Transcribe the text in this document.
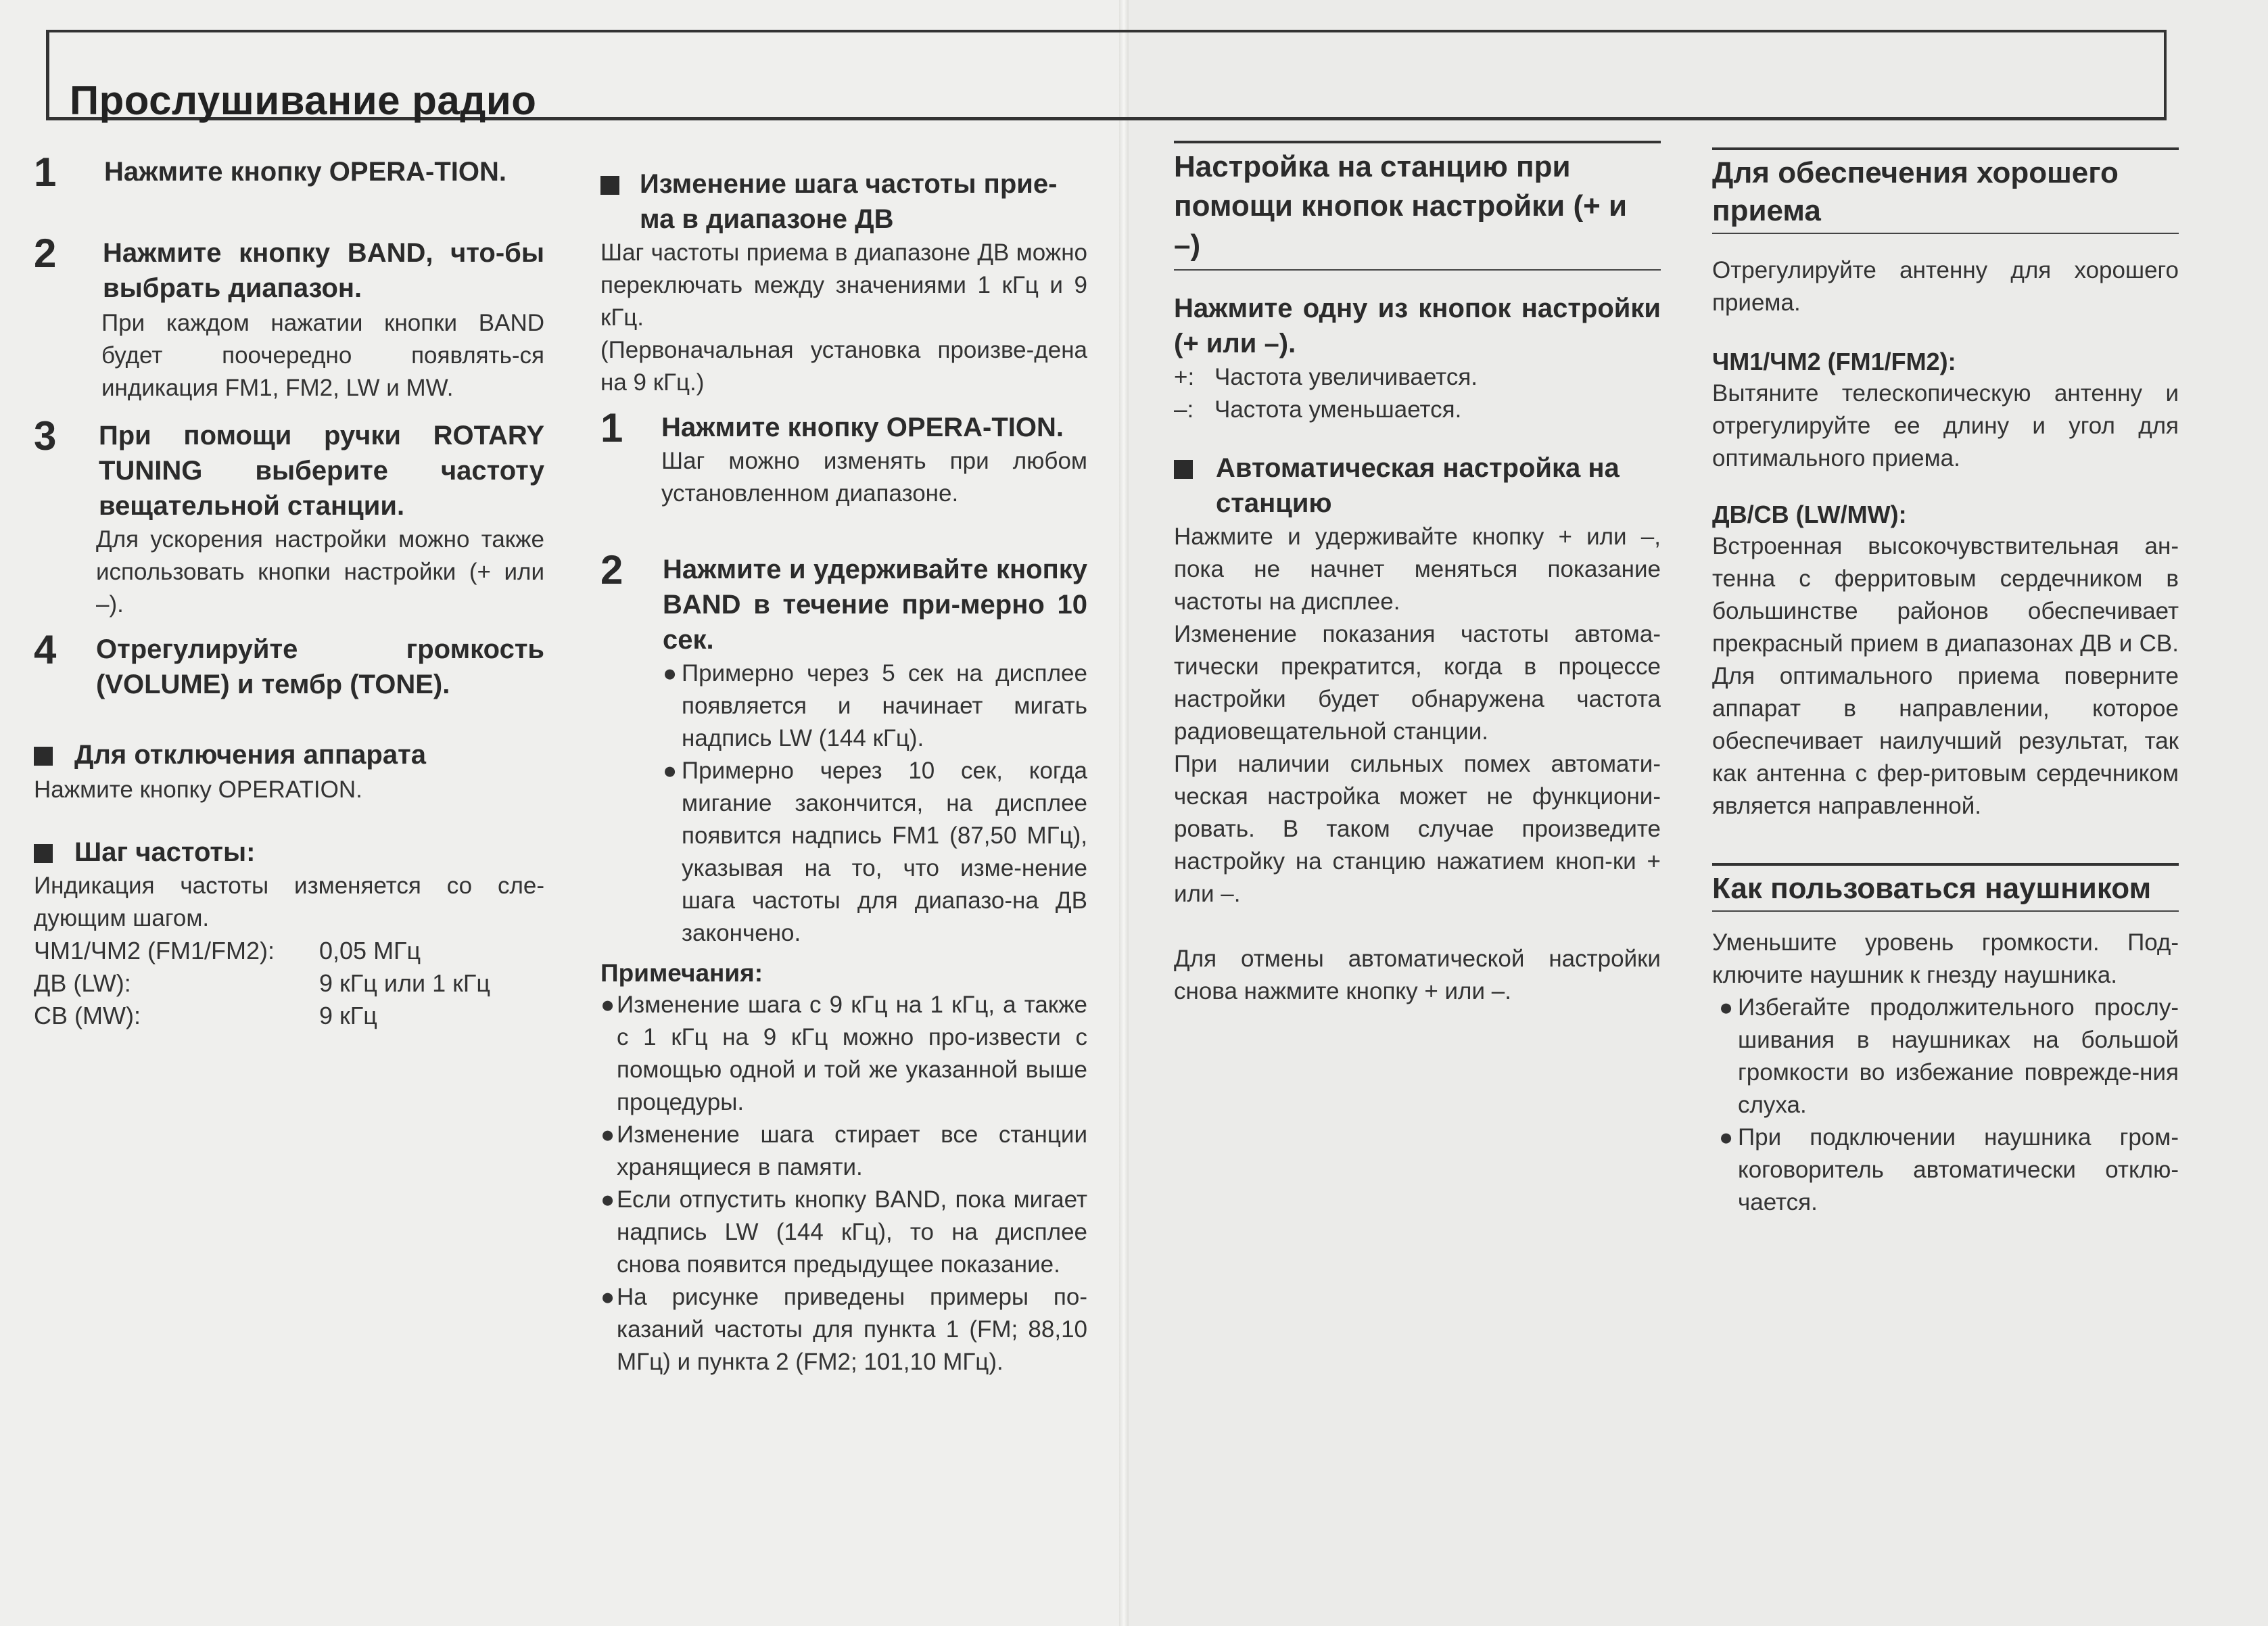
Прослушивание радио
1	Нажмите кнопку OPERA-TION.

2	Нажмите кнопку BAND, что-бы выбрать диапазон.

При каждом нажатии кнопки BAND будет поочередно появлять-ся индикация FM1, FM2, LW и MW.

3	При помощи ручки ROTARY TUNING выберите частоту вещательной станции.

Для ускорения настройки можно также использовать кнопки настройки (+ или –).

4	Отрегулируйте громкость (VOLUME) и тембр (TONE).

Для отключения аппарата

Нажмите кнопку OPERATION.

Шаг частоты:

Индикация частоты изменяется со сле-дующим шагом.

ЧМ1/ЧМ2 (FM1/FM2):	0,05 МГц
ДВ (LW):	9 кГц или 1 кГц
СВ (MW):	9 кГц
Изменение шага частоты прие-ма в диапазоне ДВ

Шаг частоты приема в диапазоне ДВ можно переключать между значениями 1 кГц и 9 кГц.

(Первоначальная установка произве-дена на 9 кГц.)

1	Нажмите кнопку OPERA-TION.

Шаг можно изменять при любом установленном диапазоне.

2	Нажмите и удерживайте кнопку BAND в течение при-мерно 10 сек.

● Примерно через 5 сек на дисплее появляется и начинает мигать надпись LW (144 кГц).
● Примерно через 10 сек, когда мигание закончится, на дисплее появится надпись FM1 (87,50 МГц), указывая на то, что изме-нение шага частоты для диапазо-на ДВ закончено.

Примечания:

● Изменение шага с 9 кГц на 1 кГц, а также с 1 кГц на 9 кГц можно про-извести с помощью одной и той же указанной выше процедуры.
● Изменение шага стирает все станции хранящиеся в памяти.
● Если отпустить кнопку BAND, пока мигает надпись LW (144 кГц), то на дисплее снова появится предыдущее показание.
● На рисунке приведены примеры по-казаний частоты для пункта 1 (FM; 88,10 МГц) и пункта 2 (FM2; 101,10 МГц).

Настройка на станцию при помощи кнопок настройки (+ и –)

Нажмите одну из кнопок настройки (+ или –).

+: Частота увеличивается.
–: Частота уменьшается.
Автоматическая настройка на станцию

Нажмите и удерживайте кнопку + или –, пока не начнет меняться показание частоты на дисплее.

Изменение показания частоты автома-тически прекратится, когда в процессе настройки будет обнаружена частота радиовещательной станции.

При наличии сильных помех автомати-ческая настройка может не функциони-ровать. В таком случае произведите настройку на станцию нажатием кноп-ки + или –.

Для отмены автоматической настройки снова нажмите кнопку + или –.

Для обеспечения хорошего приема

Отрегулируйте антенну для хорошего приема.

ЧМ1/ЧМ2 (FM1/FM2):

Вытяните телескопическую антенну и отрегулируйте ее длину и угол для оптимального приема.

ДВ/СВ (LW/MW):

Встроенная высокочувствительная ан-тенна с ферритовым сердечником в большинстве районов обеспечивает прекрасный прием в диапазонах ДВ и СВ. Для оптимального приема поверните аппарат в направлении, которое обеспечивает наилучший результат, так как антенна с фер-ритовым сердечником является направленной.

Как пользоваться наушником

Уменьшите уровень громкости. Под-ключите наушник к гнезду наушника.

● Избегайте продолжительного прослу-шивания в наушниках на большой громкости во избежание поврежде-ния слуха.
● При подключении наушника гром-коговоритель автоматически отклю-чается.
